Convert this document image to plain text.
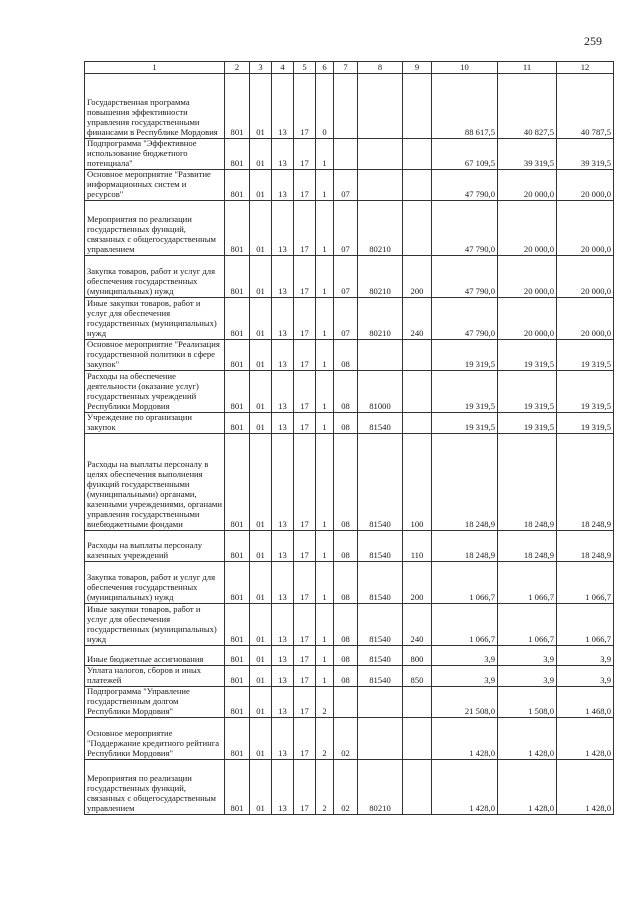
259
1	2	3	4	5	6	7	8	9	10	11	12
Государственная программа повышения эффективности управления государственными финансами в Республике Мордовия	801	01	13	17	0				88 617,5	40 827,5	40 787,5
Подпрограмма "Эффективное использование бюджетного потенциала"	801	01	13	17	1				67 109,5	39 319,5	39 319,5
Основное мероприятие "Развитие информационных систем и ресурсов"	801	01	13	17	1	07			47 790,0	20 000,0	20 000,0
Мероприятия по реализации государственных функций, связанных с общегосударственным управлением	801	01	13	17	1	07	80210		47 790,0	20 000,0	20 000,0
Закупка товаров, работ и услуг для обеспечения государственных (муниципальных) нужд	801	01	13	17	1	07	80210	200	47 790,0	20 000,0	20 000,0
Иные закупки товаров, работ и услуг для обеспечения государственных (муниципальных) нужд	801	01	13	17	1	07	80210	240	47 790,0	20 000,0	20 000,0
Основное мероприятие "Реализация государственной политики в сфере закупок"	801	01	13	17	1	08			19 319,5	19 319,5	19 319,5
Расходы на обеспечение деятельности (оказание услуг) государственных учреждений Республики Мордовия	801	01	13	17	1	08	81000		19 319,5	19 319,5	19 319,5
Учреждение по организации закупок	801	01	13	17	1	08	81540		19 319,5	19 319,5	19 319,5
Расходы на выплаты персоналу в целях обеспечения выполнения функций государственными (муниципальными) органами, казенными учреждениями, органами управления государственными внебюджетными фондами	801	01	13	17	1	08	81540	100	18 248,9	18 248,9	18 248,9
Расходы на выплаты персоналу казенных учреждений	801	01	13	17	1	08	81540	110	18 248,9	18 248,9	18 248,9
Закупка товаров, работ и услуг для обеспечения государственных (муниципальных) нужд	801	01	13	17	1	08	81540	200	1 066,7	1 066,7	1 066,7
Иные закупки товаров, работ и услуг для обеспечения государственных (муниципальных) нужд	801	01	13	17	1	08	81540	240	1 066,7	1 066,7	1 066,7
Иные бюджетные ассигнования	801	01	13	17	1	08	81540	800	3,9	3,9	3,9
Уплата налогов, сборов и иных платежей	801	01	13	17	1	08	81540	850	3,9	3,9	3,9
Подпрограмма "Управление государственным долгом Республики Мордовия"	801	01	13	17	2				21 508,0	1 508,0	1 468,0
Основное мероприятие "Поддержание кредитного рейтинга Республики Мордовия"	801	01	13	17	2	02			1 428,0	1 428,0	1 428,0
Мероприятия по реализации государственных функций, связанных с общегосударственным управлением	801	01	13	17	2	02	80210		1 428,0	1 428,0	1 428,0
